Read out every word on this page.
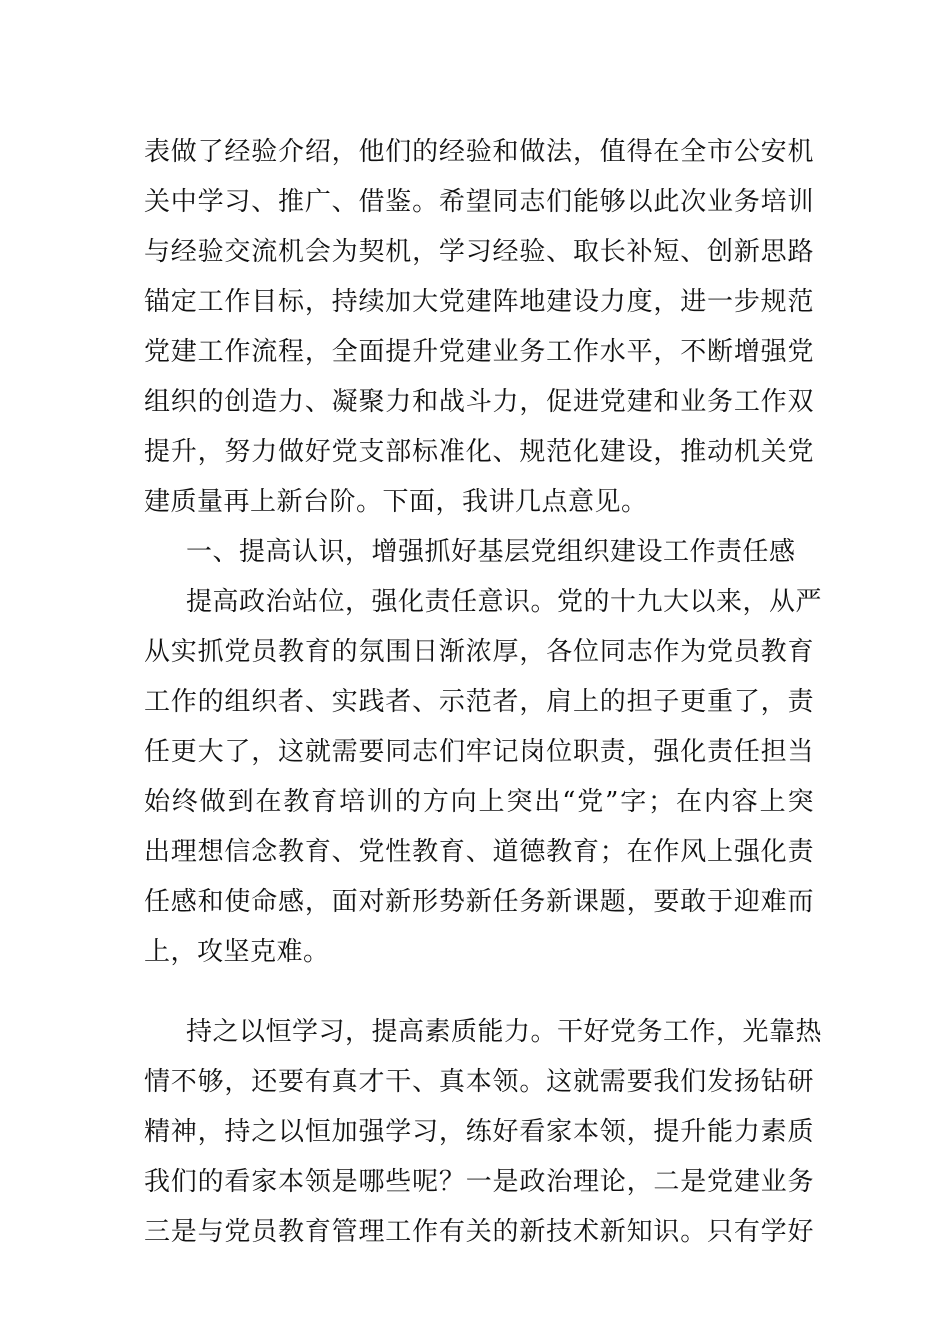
表做了经验介绍，他们的经验和做法，值得在全市公安机
关中学习、推广、借鉴。希望同志们能够以此次业务培训
与经验交流机会为契机，学习经验、取长补短、创新思路
锚定工作目标，持续加大党建阵地建设力度，进一步规范
党建工作流程，全面提升党建业务工作水平，不断增强党
组织的创造力、凝聚力和战斗力，促进党建和业务工作双
提升，努力做好党支部标准化、规范化建设，推动机关党
建质量再上新台阶。下面，我讲几点意见。
一、提高认识，增强抓好基层党组织建设工作责任感
提高政治站位，强化责任意识。党的十九大以来，从严
从实抓党员教育的氛围日渐浓厚，各位同志作为党员教育
工作的组织者、实践者、示范者，肩上的担子更重了，责
任更大了，这就需要同志们牢记岗位职责，强化责任担当
始终做到在教育培训的方向上突出“党”字；在内容上突
出理想信念教育、党性教育、道德教育；在作风上强化责
任感和使命感，面对新形势新任务新课题，要敢于迎难而
上，攻坚克难。
持之以恒学习，提高素质能力。干好党务工作，光靠热
情不够，还要有真才干、真本领。这就需要我们发扬钻研
精神，持之以恒加强学习，练好看家本领，提升能力素质
我们的看家本领是哪些呢？一是政治理论，二是党建业务
三是与党员教育管理工作有关的新技术新知识。只有学好
